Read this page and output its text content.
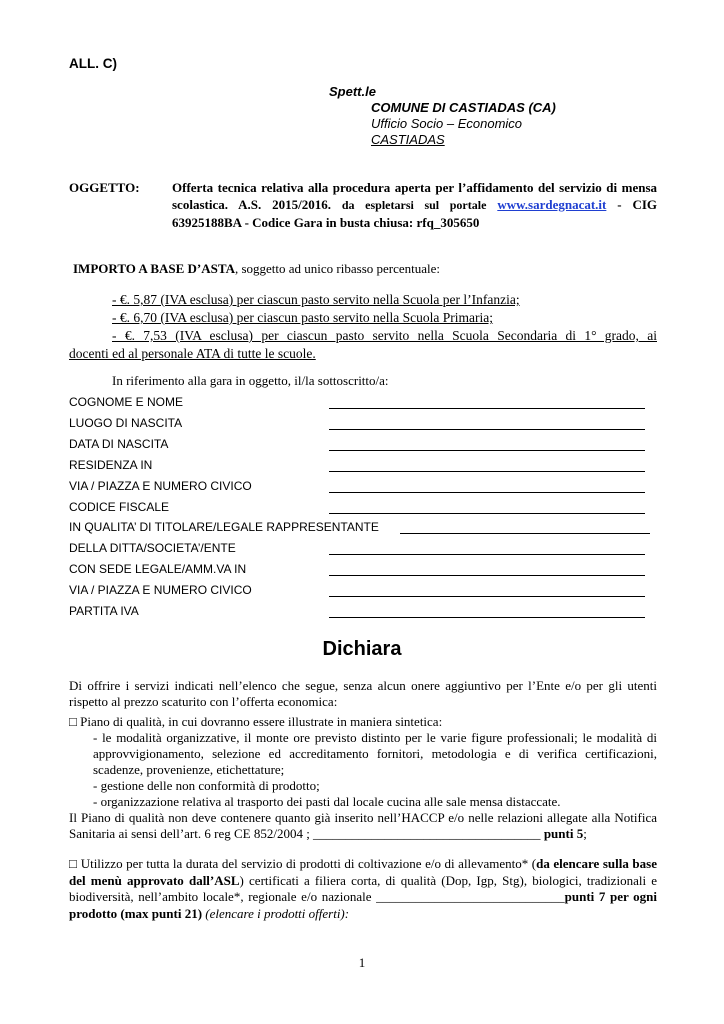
ALL. C)
Spett.le
COMUNE DI CASTIADAS (CA)
Ufficio Socio – Economico
CASTIADAS
OGGETTO: Offerta tecnica relativa alla procedura aperta per l’affidamento del servizio di mensa scolastica. A.S. 2015/2016. da espletarsi sul portale www.sardegnacat.it - CIG 63925188BA - Codice Gara in busta chiusa: rfq_305650
IMPORTO A BASE D’ASTA, soggetto ad unico ribasso percentuale:
- €. 5,87 (IVA esclusa) per ciascun pasto servito nella Scuola per l’Infanzia;
- €. 6,70 (IVA esclusa) per ciascun pasto servito nella Scuola Primaria;
- €. 7,53 (IVA esclusa) per ciascun pasto servito nella Scuola Secondaria di 1° grado, ai
docenti ed al personale ATA di tutte le scuole.
In riferimento alla gara in oggetto, il/la sottoscritto/a:
COGNOME E NOME
LUOGO DI NASCITA
DATA DI NASCITA
RESIDENZA IN
VIA / PIAZZA E NUMERO CIVICO
CODICE FISCALE
IN QUALITA’ DI TITOLARE/LEGALE RAPPRESENTANTE
DELLA DITTA/SOCIETA’/ENTE
CON SEDE LEGALE/AMM.VA IN
VIA / PIAZZA E NUMERO CIVICO
PARTITA IVA
Dichiara
Di offrire i servizi indicati nell’elenco che segue, senza alcun onere aggiuntivo per l’Ente e/o per gli utenti rispetto al prezzo scaturito con l’offerta economica:
□ Piano di qualità, in cui dovranno essere illustrate in maniera sintetica:
- le modalità organizzative, il monte ore previsto distinto per le varie figure professionali; le modalità di approvvigionamento, selezione ed accreditamento fornitori, metodologia e di verifica certificazioni, scadenze, provenienze, etichettature;
- gestione delle non conformità di prodotto;
- organizzazione relativa al trasporto dei pasti dal locale cucina alle sale mensa distaccate.
Il Piano di qualità non deve contenere quanto già inserito nell’HACCP e/o nelle relazioni allegate alla Notifica Sanitaria ai sensi dell’art. 6 reg CE 852/2004 ; ___________________________________ punti 5;
□ Utilizzo per tutta la durata del servizio di prodotti di coltivazione e/o di allevamento* (da elencare sulla base del menù approvato dall’ASL) certificati a filiera corta, di qualità (Dop, Igp, Stg), biologici, tradizionali e biodiversità, nell’ambito locale*, regionale e/o nazionale _____________________________punti 7 per ogni prodotto (max punti 21) (elencare i prodotti offerti):
1
